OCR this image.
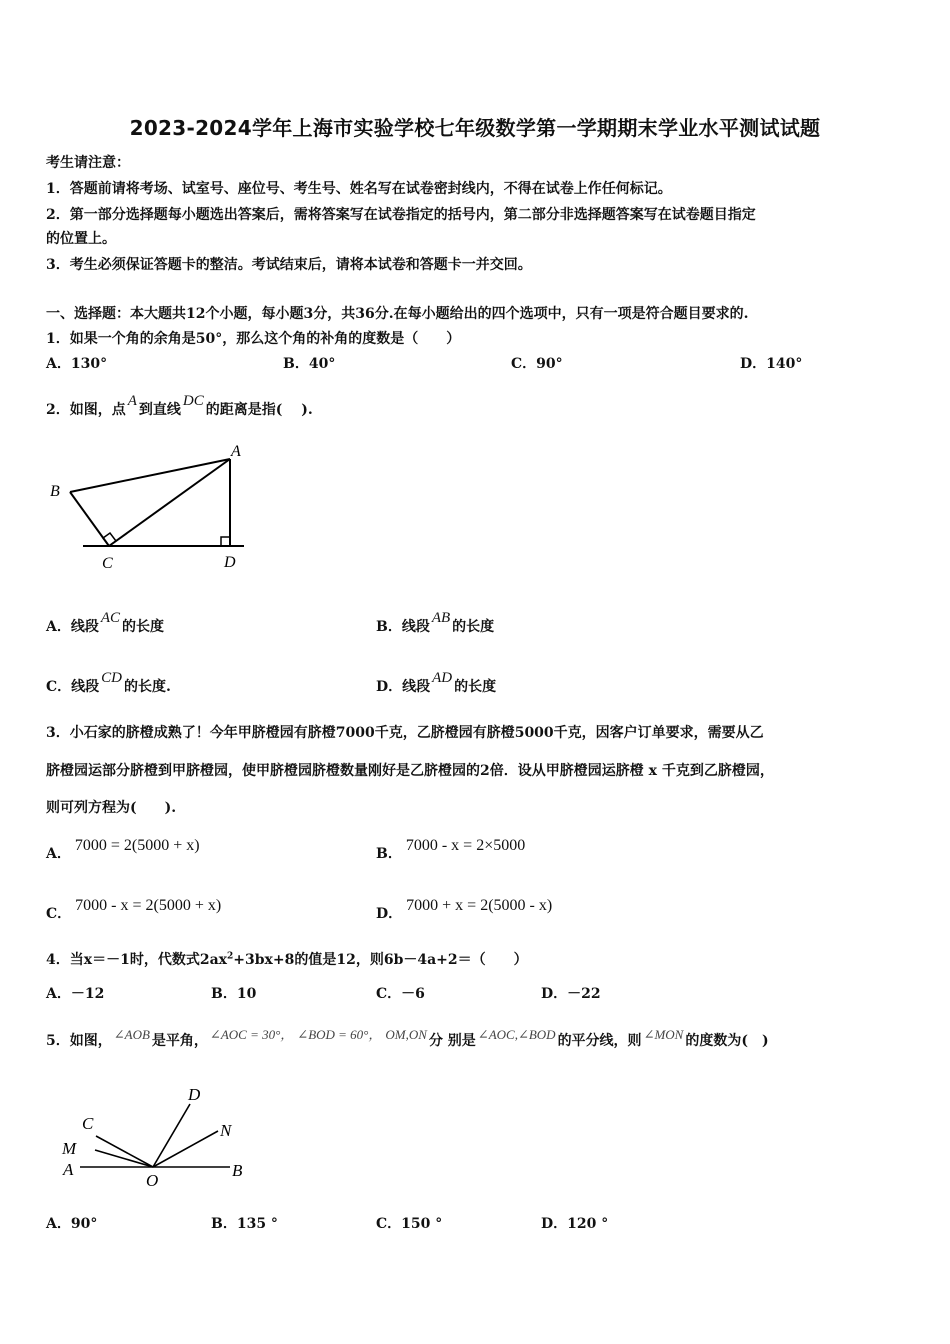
2023-2024学年上海市实验学校七年级数学第一学期期末学业水平测试试题
考生请注意：
1．答题前请将考场、试室号、座位号、考生号、姓名写在试卷密封线内，不得在试卷上作任何标记。
2．第一部分选择题每小题选出答案后，需将答案写在试卷指定的括号内，第二部分非选择题答案写在试卷题目指定
的位置上。
3．考生必须保证答题卡的整洁。考试结束后，请将本试卷和答题卡一并交回。
一、选择题：本大题共12个小题，每小题3分，共36分.在每小题给出的四个选项中，只有一项是符合题目要求的.
1．如果一个角的余角是50°，那么这个角的补角的度数是（　　）
A．130°	B．40°	C．90°	D．140°
2．如图，点A到直线DC的距离是指(　 ).
A
B
C	D
A．线段AC的长度	B．线段AB的长度
C．线段CD的长度.	D．线段AD的长度
3．小石家的脐橙成熟了！今年甲脐橙园有脐橙7000千克，乙脐橙园有脐橙5000千克，因客户订单要求，需要从乙
脐橙园运部分脐橙到甲脐橙园，使甲脐橙园脐橙数量刚好是乙脐橙园的2倍．设从甲脐橙园运脐橙 x 千克到乙脐橙园，
则可列方程为(　　).
A． 7000 = 2(5000 + x)	B． 7000 - x = 2×5000
C． 7000 - x = 2(5000 + x)	D． 7000 + x = 2(5000 - x)
4．当x＝－1时，代数式$2ax^2+3bx+8$的值是12，则6b－4a+2＝（　　）
A．－12	B．10	C．－6	D．－22
5．如图， ∠AOB 是平角， ∠AOC = 30°， ∠BOD = 60°， OM,ON 分 别是 ∠AOC,∠BOD 的平分线，则 ∠MON 的度数为(　)
A
M
C
D
N
O
B
A．90°	B．135 °	C．150 °	D．120 °
